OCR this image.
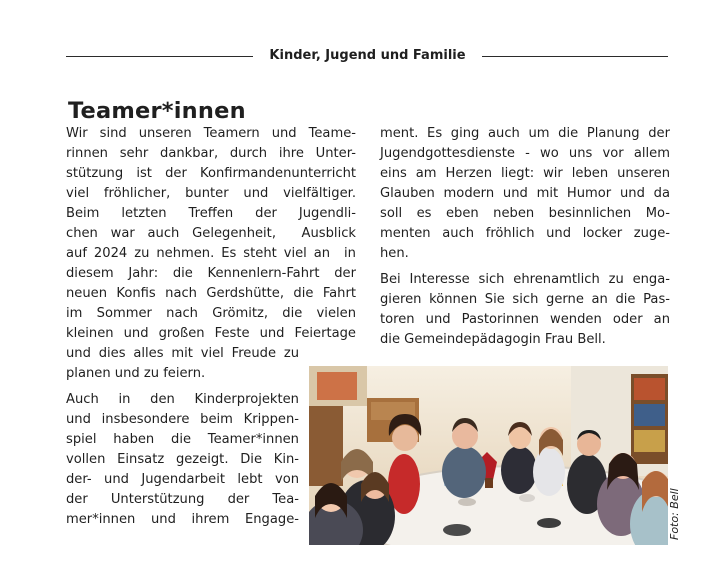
Kinder, Jugend und Familie
Teamer*innen
Wir sind unseren Teamern und Teame-
rinnen sehr dankbar, durch ihre Unter-
stützung ist der Konfirmandenunterricht
viel fröhlicher, bunter und vielfältiger.
Beim letzten Treffen der Jugendli-
chen war auch Gelegenheit,  Ausblick
auf 2024 zu nehmen. Es steht viel an  in
diesem Jahr: die Kennenlern-Fahrt der
neuen Konfis nach Gerdshütte, die Fahrt
im Sommer nach Grömitz, die vielen
kleinen und großen Feste und Feiertage
und dies alles mit viel Freude zu
planen und zu feiern.
Auch in den Kinderprojekten
und insbesondere beim Krippen-
spiel haben die Teamer*innen
vollen Einsatz gezeigt. Die Kin-
der- und Jugendarbeit lebt von
der Unterstützung der Tea-
mer*innen und ihrem Engage-
ment. Es ging auch um die Planung der
Jugendgottesdienste - wo uns vor allem
eins am Herzen liegt: wir leben unseren
Glauben modern und mit Humor und da
soll es eben neben besinnlichen Mo-
menten auch fröhlich und locker zuge-
hen.
Bei Interesse sich ehrenamtlich zu enga-
gieren können Sie sich gerne an die Pas-
toren und Pastorinnen wenden oder an
die Gemeindepädagogin Frau Bell.
Foto: Bell
